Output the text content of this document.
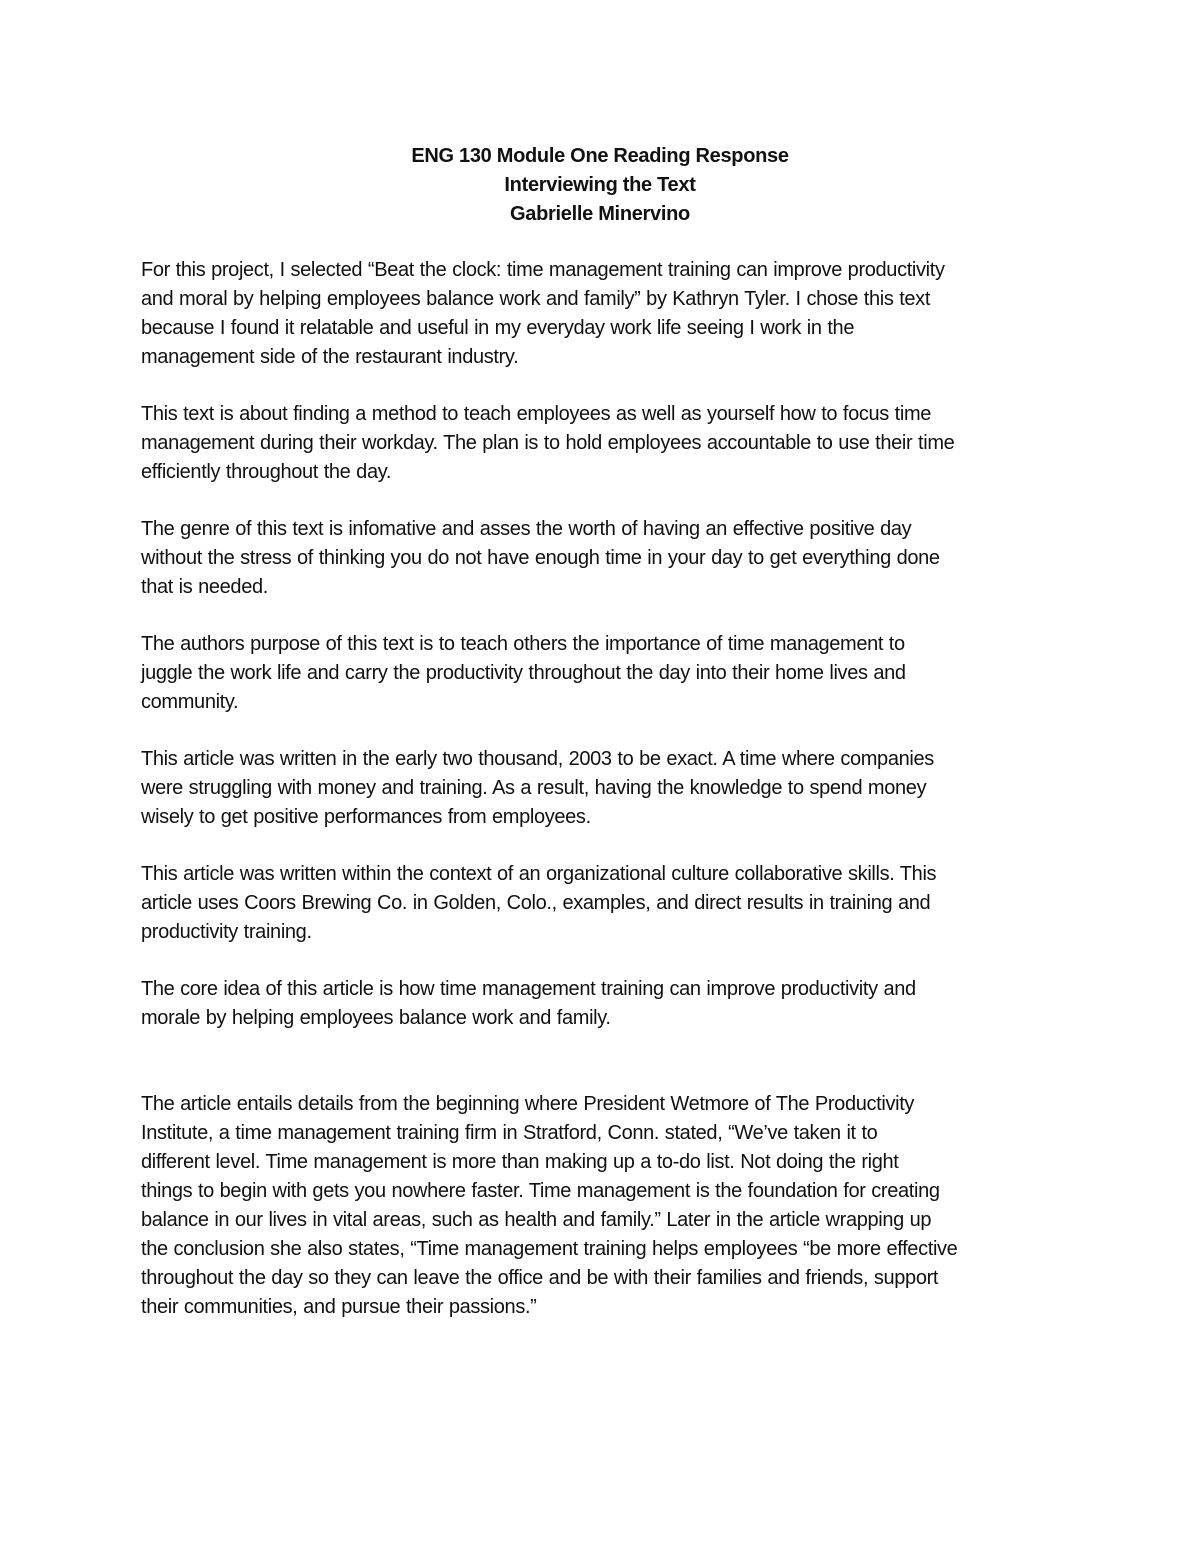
ENG 130 Module One Reading Response
Interviewing the Text
Gabrielle Minervino
For this project, I selected “Beat the clock: time management training can improve productivity
and moral by helping employees balance work and family” by Kathryn Tyler. I chose this text
because I found it relatable and useful in my everyday work life seeing I work in the
management side of the restaurant industry.
This text is about finding a method to teach employees as well as yourself how to focus time
management during their workday. The plan is to hold employees accountable to use their time
efficiently throughout the day.
The genre of this text is infomative and asses the worth of having an effective positive day
without the stress of thinking you do not have enough time in your day to get everything done
that is needed.
The authors purpose of this text is to teach others the importance of time management to
juggle the work life and carry the productivity throughout the day into their home lives and
community.
This article was written in the early two thousand, 2003 to be exact. A time where companies
were struggling with money and training. As a result, having the knowledge to spend money
wisely to get positive performances from employees.
This article was written within the context of an organizational culture collaborative skills. This
article uses Coors Brewing Co. in Golden, Colo., examples, and direct results in training and
productivity training.
The core idea of this article is how time management training can improve productivity and
morale by helping employees balance work and family.
The article entails details from the beginning where President Wetmore of The Productivity
Institute, a time management training firm in Stratford, Conn. stated, “We’ve taken it to
different level. Time management is more than making up a to-do list. Not doing the right
things to begin with gets you nowhere faster. Time management is the foundation for creating
balance in our lives in vital areas, such as health and family.” Later in the article wrapping up
the conclusion she also states, “Time management training helps employees “be more effective
throughout the day so they can leave the office and be with their families and friends, support
their communities, and pursue their passions.”
